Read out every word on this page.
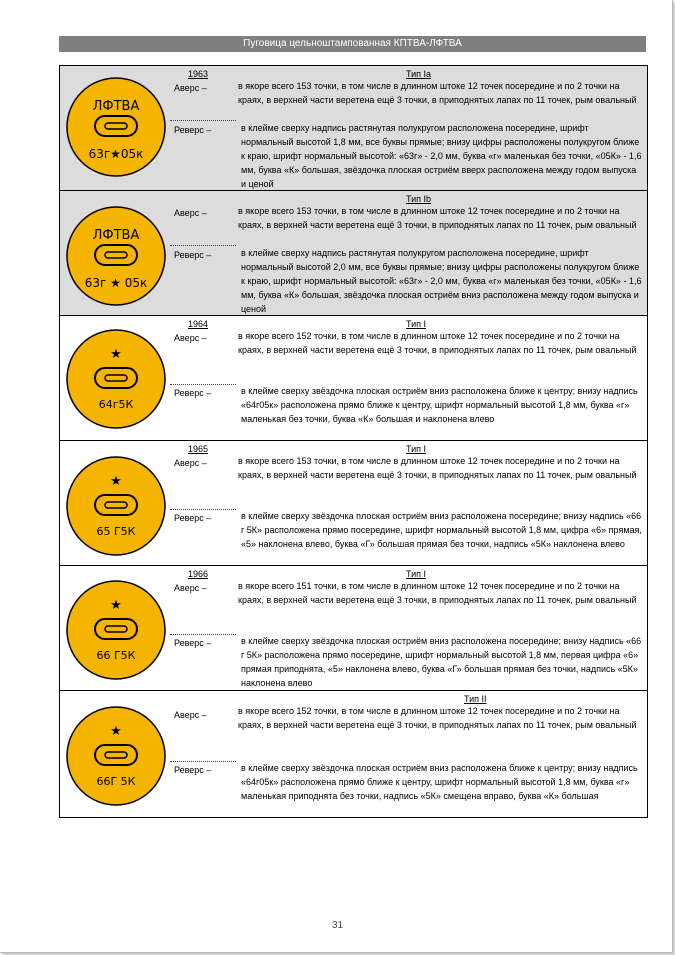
Пуговица цельноштампованная КПТВА-ЛФТВА
ЛФТВА
63г★05к
1963	Тип Ia
Аверс –	в якоре всего 153 точки, в том числе в длинном штоке 12 точек посередине и по 2 точки на краях, в верхней части веретена ещё 3 точки, в приподнятых лапах по 11 точек, рым овальный
Реверс –	в клейме сверху надпись растянутая полукругом расположена посередине, шрифт нормальный высотой 1,8 мм, все буквы прямые; внизу цифры расположены полукругом ближе к краю, шрифт нормальный высотой: «63г» - 2,0 мм, буква «г» маленькая без точки, «05К» - 1,6 мм, буква «К» большая, звёздочка плоская остриём вверх расположена между годом выпуска и ценой
ЛФТВА
63г ★ 05к
Тип Ib
Аверс –	в якоре всего 153 точки, в том числе в длинном штоке 12 точек посередине и по 2 точки на краях, в верхней части веретена ещё 3 точки, в приподнятых лапах по 11 точек, рым овальный
Реверс –	в клейме сверху надпись растянутая полукругом расположена посередине, шрифт нормальный высотой 2,0 мм, все буквы прямые; внизу цифры расположены полукругом ближе к краю, шрифт нормальный высотой: «63г» - 2,0 мм, буква «г» маленькая без точки, «05К» - 1,6 мм, буква «К» большая, звёздочка плоская остриём вниз расположена между годом выпуска и ценой
★
64г5К
1964	Тип I
Аверс –	в якоре всего 152 точки, в том числе в длинном штоке 12 точек посередине и по 2 точки на краях, в верхней части веретена ещё 3 точки, в приподнятых лапах по 11 точек, рым овальный
Реверс –	в клейме сверху звёздочка плоская остриём вниз расположена ближе к центру; внизу надпись «64г05к» расположена прямо ближе к центру, шрифт нормальный высотой 1,8 мм, буква «г» маленькая без точки, буква «К» большая и наклонена влево
★
65 Г5К
1965	Тип I
Аверс –	в якоре всего 153 точки, в том числе в длинном штоке 12 точек посередине и по 2 точки на краях, в верхней части веретена ещё 3 точки, в приподнятых лапах по 11 точек, рым овальный
Реверс –	в клейме сверху звёздочка плоская остриём вниз расположена посередине; внизу надпись «66 г 5К» расположена прямо посередине, шрифт нормальный высотой 1,8 мм, цифра «6» прямая, «5» наклонена влево, буква «Г» большая прямая без точки, надпись «5К» наклонена влево
★
66 Г5К
1966	Тип I
Аверс –	в якоре всего 151 точки, в том числе в длинном штоке 12 точек посередине и по 2 точки на краях, в верхней части веретена ещё 3 точки, в приподнятых лапах по 11 точек, рым овальный
Реверс –	в клейме сверху звёздочка плоская остриём вниз расположена посередине; внизу надпись «66 г 5К» расположена прямо посередине, шрифт нормальный высотой 1,8 мм, первая цифра «6» прямая приподнята, «5» наклонена влево, буква «Г» большая прямая без точки, надпись «5К» наклонена влево
★
66Г 5К
Тип II
Аверс –	в якоре всего 152 точки, в том числе в длинном штоке 12 точек посередине и по 2 точки на краях, в верхней части веретена ещё 3 точки, в приподнятых лапах по 11 точек, рым овальный
Реверс –	в клейме сверху звёздочка плоская остриём вниз расположена ближе к центру; внизу надпись «64г05к» расположена прямо ближе к центру, шрифт нормальный высотой 1,8 мм, буква «г» маленькая приподнята без точки, надпись «5К» смещена вправо, буква «К» большая
31
